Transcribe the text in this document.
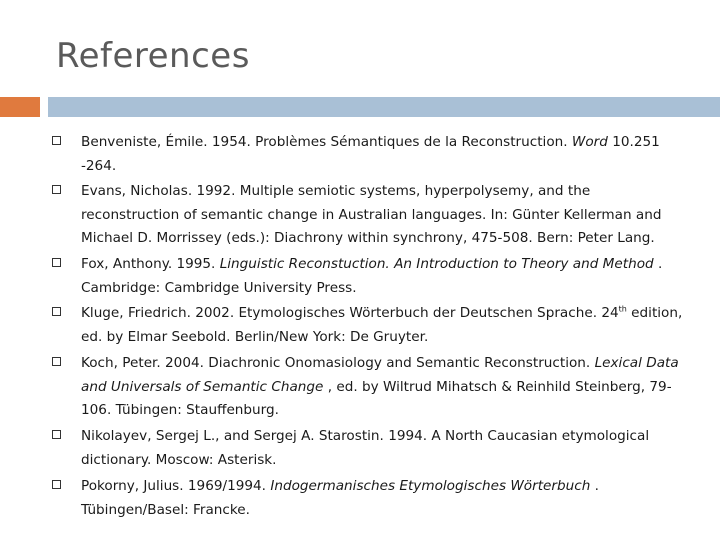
References
Benveniste, Émile. 1954. Problèmes Sémantiques de la Reconstruction. Word 10.251 -264.
Evans, Nicholas. 1992. Multiple semiotic systems, hyperpolysemy, and the reconstruction of semantic change in Australian languages. In: Günter Kellerman and Michael D. Morrissey (eds.): Diachrony within synchrony, 475-508. Bern: Peter Lang.
Fox, Anthony. 1995. Linguistic Reconstuction. An Introduction to Theory and Method . Cambridge: Cambridge University Press.
Kluge, Friedrich. 2002. Etymologisches Wörterbuch der Deutschen Sprache. 24th edition, ed. by Elmar Seebold. Berlin/New York: De Gruyter.
Koch, Peter. 2004. Diachronic Onomasiology and Semantic Reconstruction. Lexical Data and Universals of Semantic Change , ed. by Wiltrud Mihatsch & Reinhild Steinberg, 79-106. Tübingen: Stauffenburg.
Nikolayev, Sergej L., and Sergej A. Starostin. 1994. A North Caucasian etymological dictionary. Moscow: Asterisk.
Pokorny, Julius. 1969/1994. Indogermanisches Etymologisches Wörterbuch . Tübingen/Basel: Francke.
